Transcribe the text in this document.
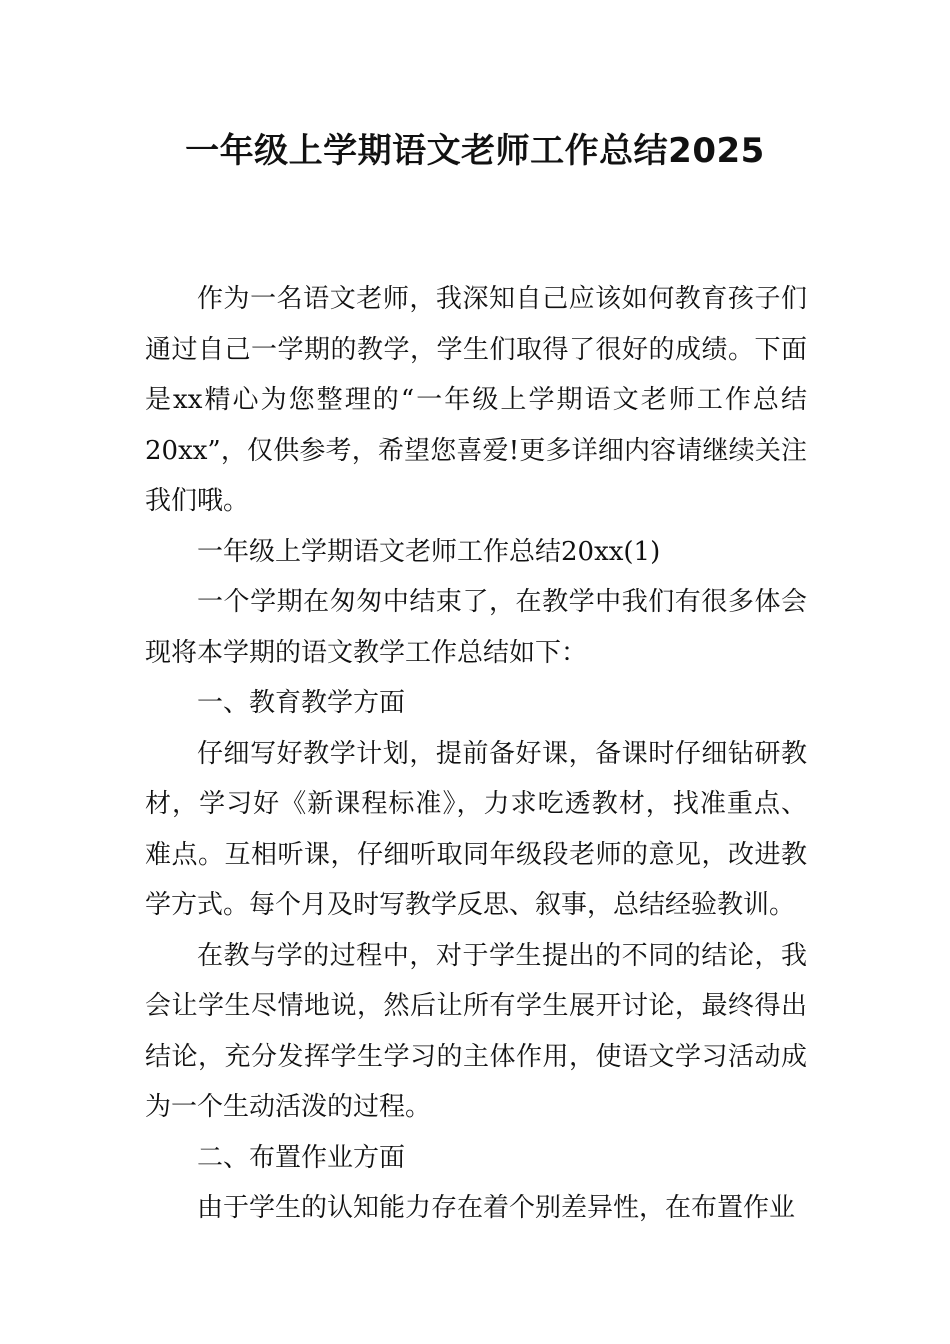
一年级上学期语文老师工作总结2025

作为一名语文老师，我深知自己应该如何教育孩子们通过自己一学期的教学，学生们取得了很好的成绩。下面是xx精心为您整理的“一年级上学期语文老师工作总结20xx”，仅供参考，希望您喜爱!更多详细内容请继续关注我们哦。

一年级上学期语文老师工作总结20xx(1)

一个学期在匆匆中结束了，在教学中我们有很多体会现将本学期的语文教学工作总结如下：

一、教育教学方面

仔细写好教学计划，提前备好课，备课时仔细钻研教材，学习好《新课程标准》，力求吃透教材，找准重点、难点。互相听课，仔细听取同年级段老师的意见，改进教学方式。每个月及时写教学反思、叙事，总结经验教训。

在教与学的过程中，对于学生提出的不同的结论，我会让学生尽情地说，然后让所有学生展开讨论，最终得出结论，充分发挥学生学习的主体作用，使语文学习活动成为一个生动活泼的过程。

二、布置作业方面

由于学生的认知能力存在着个别差异性，在布置作业
